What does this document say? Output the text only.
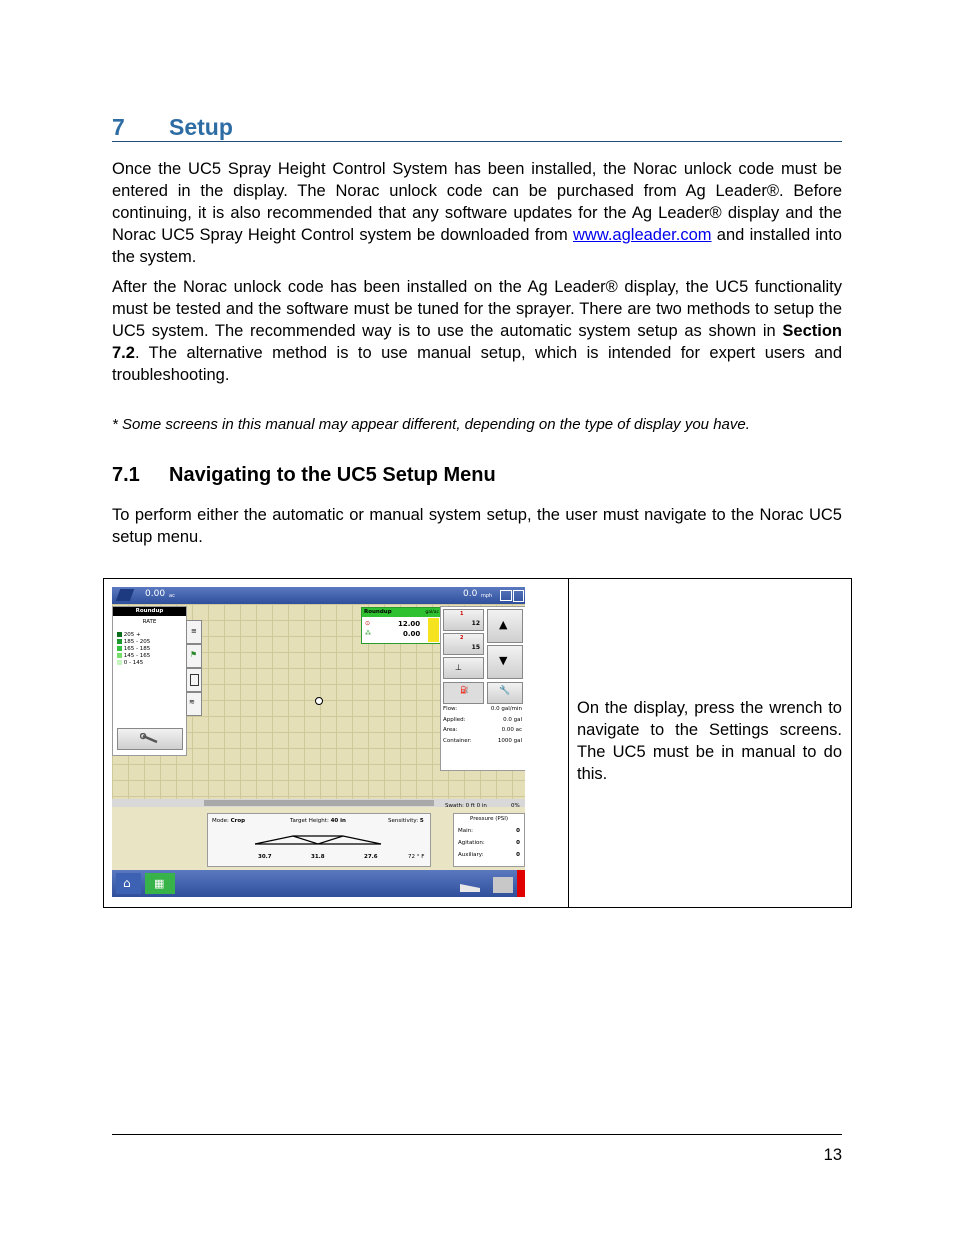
7 Setup
Once the UC5 Spray Height Control System has been installed, the Norac unlock code must be entered in the display. The Norac unlock code can be purchased from Ag Leader®. Before continuing, it is also recommended that any software updates for the Ag Leader® display and the Norac UC5 Spray Height Control system be downloaded from www.agleader.com and installed into the system.
After the Norac unlock code has been installed on the Ag Leader® display, the UC5 functionality must be tested and the software must be tuned for the sprayer. There are two methods to setup the UC5 system. The recommended way is to use the automatic system setup as shown in Section 7.2. The alternative method is to use manual setup, which is intended for expert users and troubleshooting.
* Some screens in this manual may appear different, depending on the type of display you have.
7.1 Navigating to the UC5 Setup Menu
To perform either the automatic or manual system setup, the user must navigate to the Norac UC5 setup menu.
On the display, press the wrench to navigate to the Settings screens. The UC5 must be in manual to do this.
0.00 ac	0.0 mph
Roundup
RATE
205 +
185 - 205
165 - 185
145 - 165
0 - 145
≡
⚑
≋
Roundup	gal/ac
⊙	12.00
⁂	0.00
1
12
2
15
⊥
▲
▼
⛽	🔧
Flow:	0.0 gal/min
Applied:	0.0 gal
Area:	0.00 ac
Container:	1000 gal
Swath: 0 ft 0 in	0%
Mode: Crop	Target Height: 40 in	Sensitivity: 5
30.7	31.8	27.6	72 ° F
Pressure (PSI)
Main:	0
Agitation:	0
Auxiliary:	0
⌂ ▦
13
